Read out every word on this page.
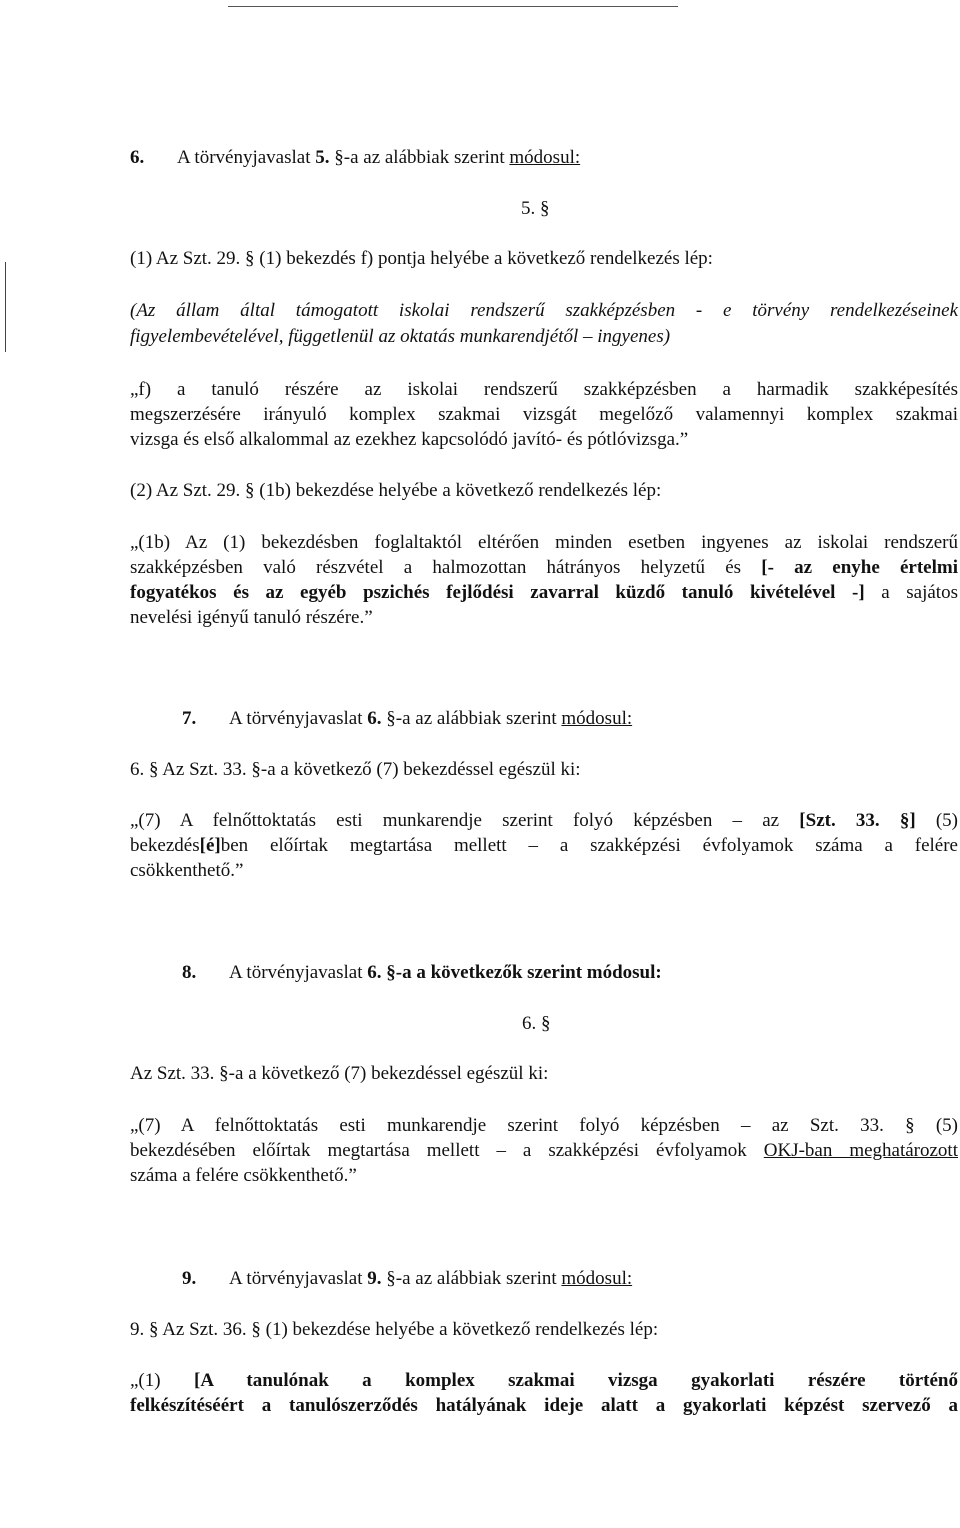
6. A törvényjavaslat 5. §-a az alábbiak szerint módosul:
5. §
(1) Az Szt. 29. § (1) bekezdés f) pontja helyébe a következő rendelkezés lép:
(Az állam által támogatott iskolai rendszerű szakképzésben - e törvény rendelkezéseinek
figyelembevételével, függetlenül az oktatás munkarendjétől – ingyenes)
„f) a tanuló részére az iskolai rendszerű szakképzésben a harmadik szakképesítés
megszerzésére irányuló komplex szakmai vizsgát megelőző valamennyi komplex szakmai
vizsga és első alkalommal az ezekhez kapcsolódó javító- és pótlóvizsga.”
(2) Az Szt. 29. § (1b) bekezdése helyébe a következő rendelkezés lép:
„(1b) Az (1) bekezdésben foglaltaktól eltérően minden esetben ingyenes az iskolai rendszerű
szakképzésben való részvétel a halmozottan hátrányos helyzetű és [- az enyhe értelmi
fogyatékos és az egyéb pszichés fejlődési zavarral küzdő tanuló kivételével -] a sajátos
nevelési igényű tanuló részére.”
7. A törvényjavaslat 6. §-a az alábbiak szerint módosul:
6. § Az Szt. 33. §-a a következő (7) bekezdéssel egészül ki:
„(7) A felnőttoktatás esti munkarendje szerint folyó képzésben – az [Szt. 33. §] (5)
bekezdés[é]ben előírtak megtartása mellett – a szakképzési évfolyamok száma a felére
csökkenthető.”
8. A törvényjavaslat 6. §-a a következők szerint módosul:
6. §
Az Szt. 33. §-a a következő (7) bekezdéssel egészül ki:
„(7) A felnőttoktatás esti munkarendje szerint folyó képzésben – az Szt. 33. § (5)
bekezdésében előírtak megtartása mellett – a szakképzési évfolyamok OKJ-ban meghatározott
száma a felére csökkenthető.”
9. A törvényjavaslat 9. §-a az alábbiak szerint módosul:
9. § Az Szt. 36. § (1) bekezdése helyébe a következő rendelkezés lép:
„(1) [A tanulónak a komplex szakmai vizsga gyakorlati részére történő
felkészítéséért a tanulószerződés hatályának ideje alatt a gyakorlati képzést szervező a
